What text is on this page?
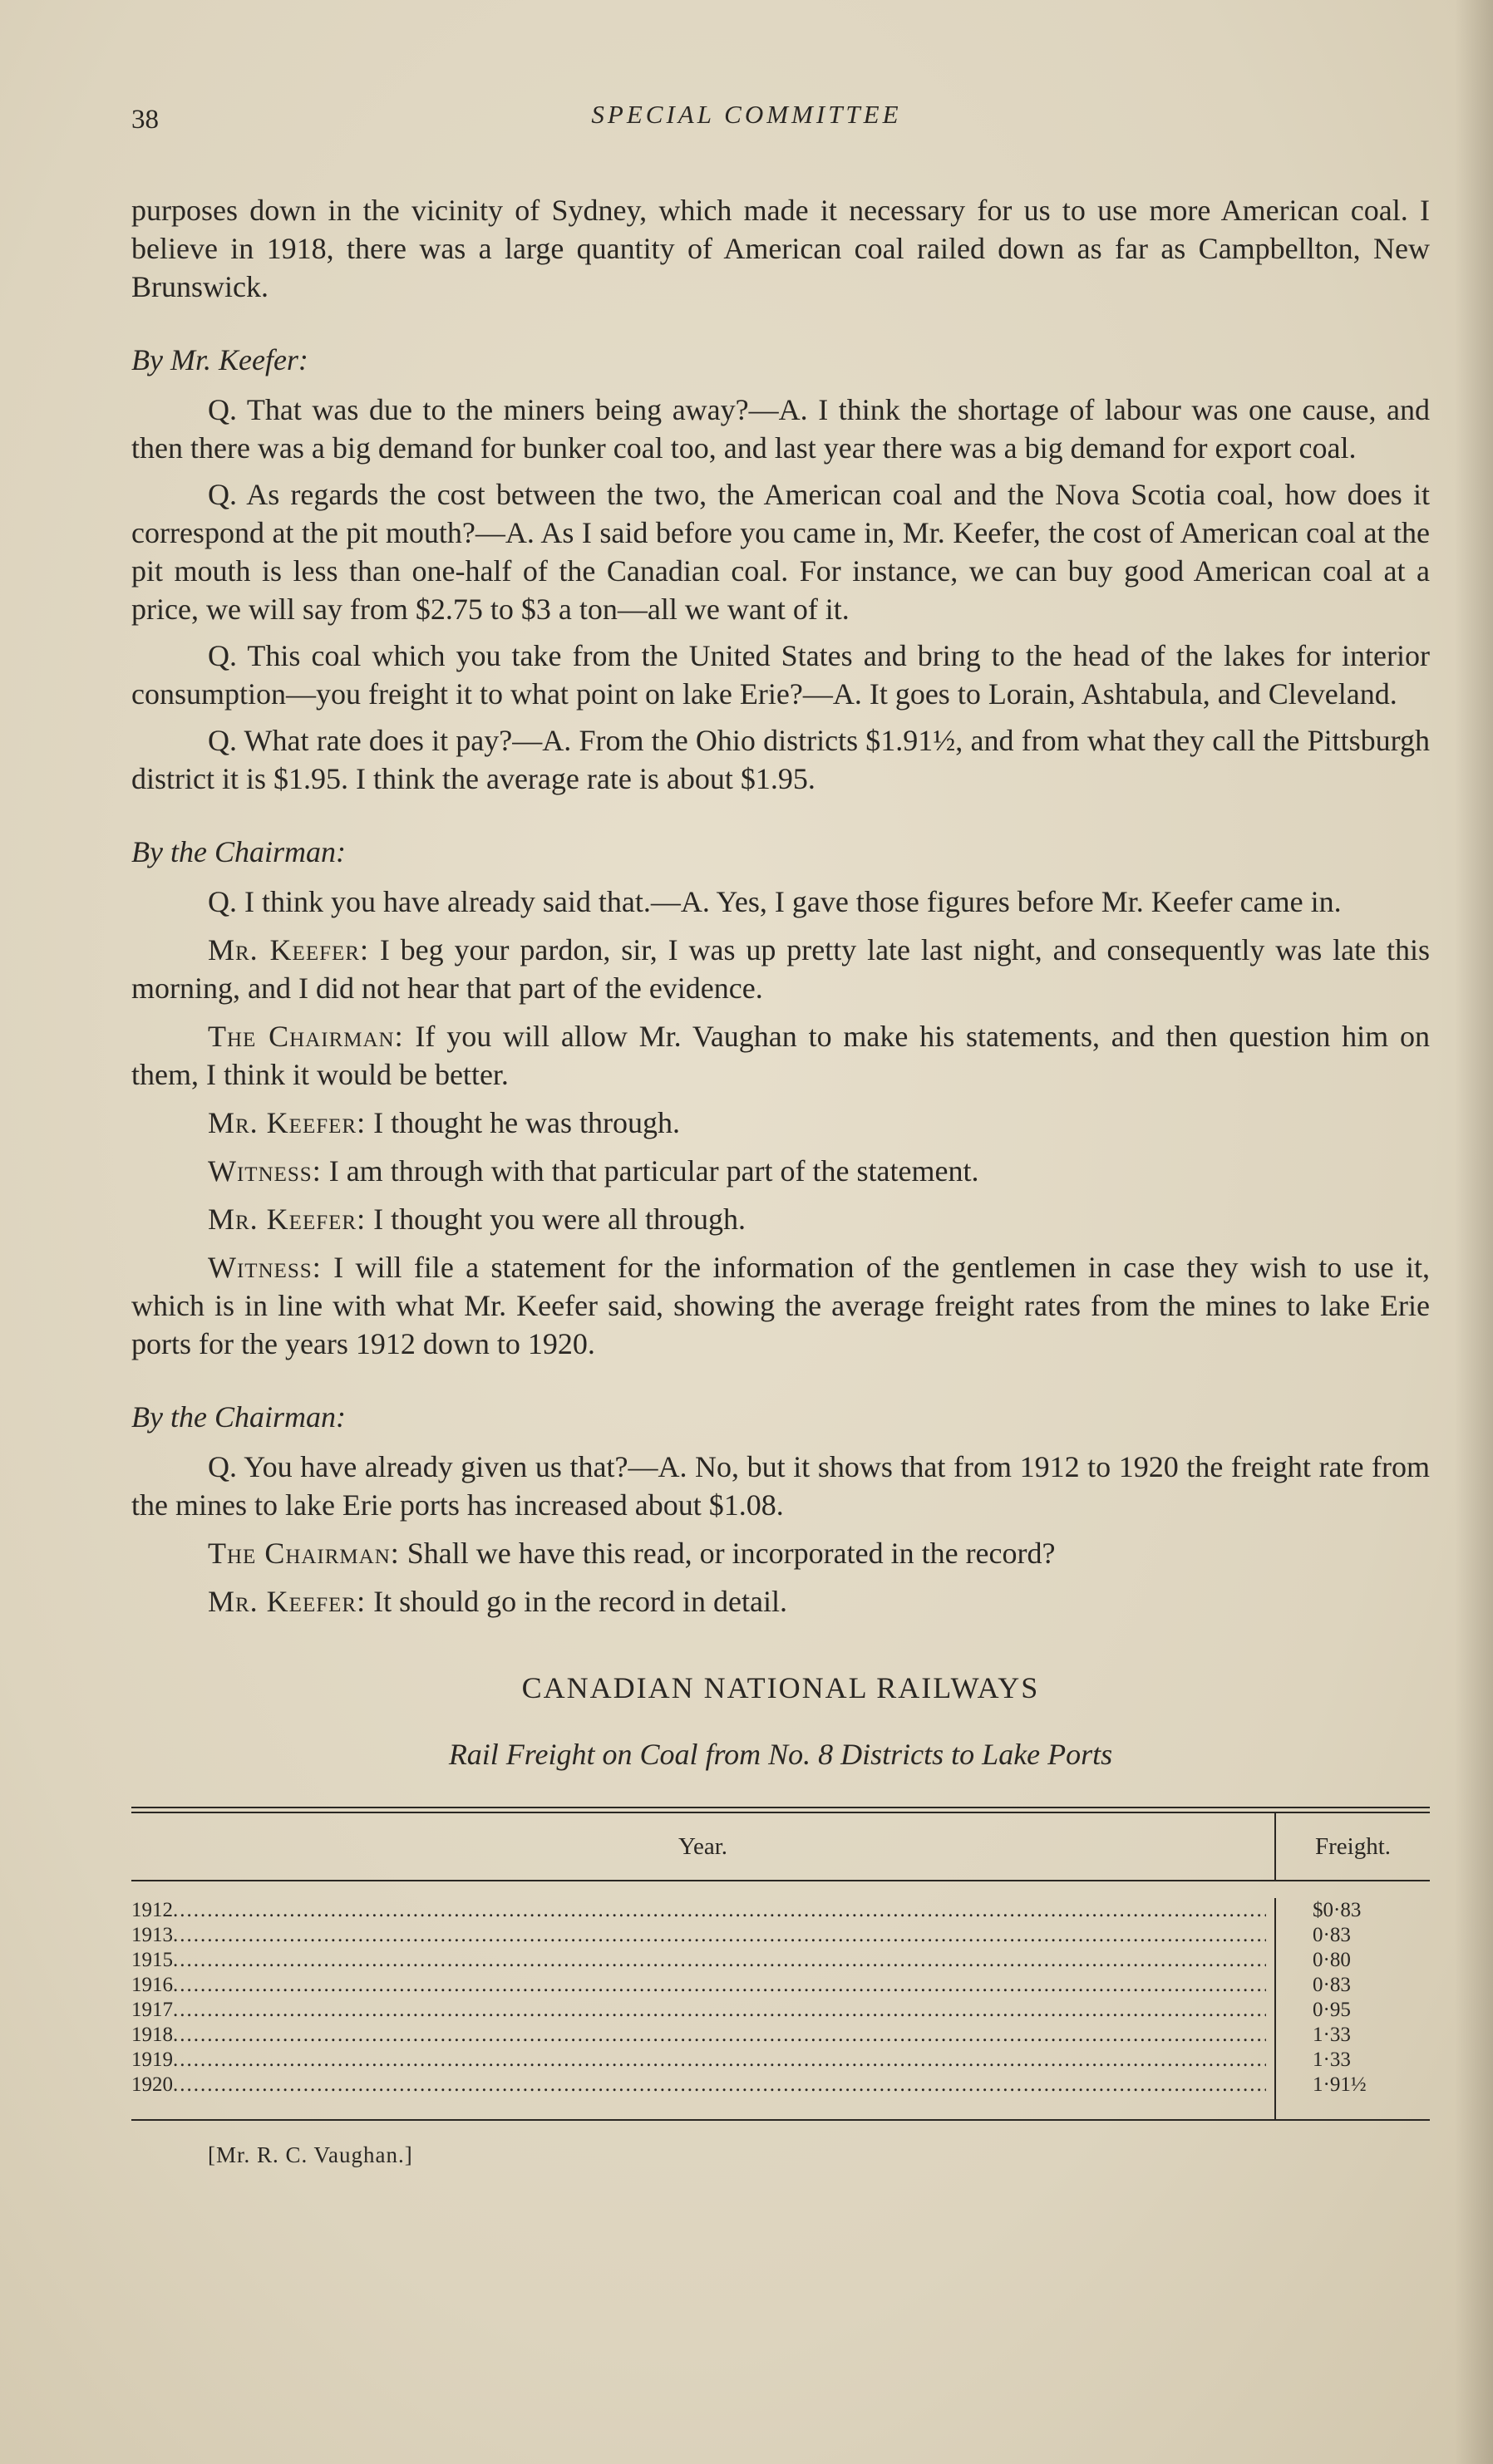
38	SPECIAL COMMITTEE

purposes down in the vicinity of Sydney, which made it necessary for us to use more American coal. I believe in 1918, there was a large quantity of American coal railed down as far as Campbellton, New Brunswick.

By Mr. Keefer:

Q. That was due to the miners being away?—A. I think the shortage of labour was one cause, and then there was a big demand for bunker coal too, and last year there was a big demand for export coal.

Q. As regards the cost between the two, the American coal and the Nova Scotia coal, how does it correspond at the pit mouth?—A. As I said before you came in, Mr. Keefer, the cost of American coal at the pit mouth is less than one-half of the Canadian coal. For instance, we can buy good American coal at a price, we will say from $2.75 to $3 a ton—all we want of it.

Q. This coal which you take from the United States and bring to the head of the lakes for interior consumption—you freight it to what point on lake Erie?—A. It goes to Lorain, Ashtabula, and Cleveland.

Q. What rate does it pay?—A. From the Ohio districts $1.91½, and from what they call the Pittsburgh district it is $1.95. I think the average rate is about $1.95.

By the Chairman:

Q. I think you have already said that.—A. Yes, I gave those figures before Mr. Keefer came in.

Mr. Keefer: I beg your pardon, sir, I was up pretty late last night, and consequently was late this morning, and I did not hear that part of the evidence.

The Chairman: If you will allow Mr. Vaughan to make his statements, and then question him on them, I think it would be better.

Mr. Keefer: I thought he was through.

Witness: I am through with that particular part of the statement.

Mr. Keefer: I thought you were all through.

Witness: I will file a statement for the information of the gentlemen in case they wish to use it, which is in line with what Mr. Keefer said, showing the average freight rates from the mines to lake Erie ports for the years 1912 down to 1920.

By the Chairman:

Q. You have already given us that?—A. No, but it shows that from 1912 to 1920 the freight rate from the mines to lake Erie ports has increased about $1.08.

The Chairman: Shall we have this read, or incorporated in the record?

Mr. Keefer: It should go in the record in detail.

CANADIAN NATIONAL RAILWAYS

Rail Freight on Coal from No. 8 Districts to Lake Ports

Year.	Freight.
1912
.....
1913
.....
1915
.....
1916
.....
1917
.....
1918
.....
1919
.....
1920
.....
$0·83
0·83
0·80
0·83
0·95
1·33
1·33
1·91½
[Mr. R. C. Vaughan.]
